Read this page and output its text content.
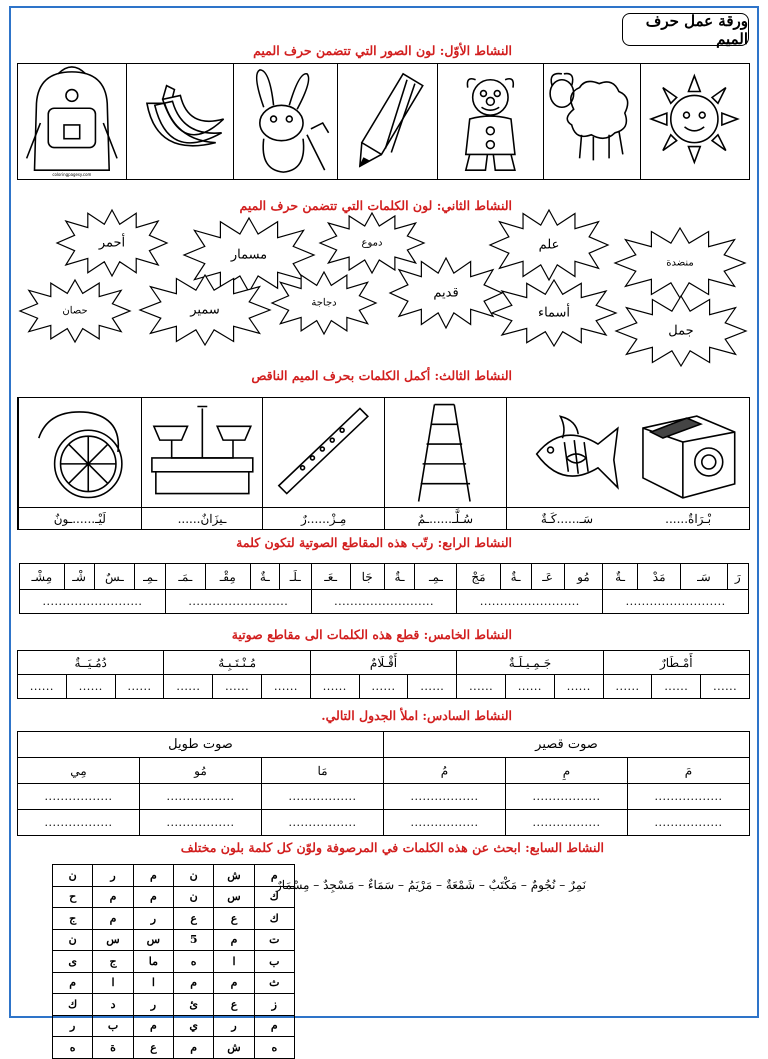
ورقة عمل حرف الميم
النشاط الأوّل: لون الصور التي تتضمن حرف الميم
coloringpagesy.com
النشاط الثاني: لون الكلمات التي تتضمن حرف الميم
أحمر
مسمار
دموع	علم
منضدة
حصان	سمير	دجاجة
قديم
أسماء
جمل
النشاط الثالث: أكمل الكلمات بحرف الميم الناقص
......بْـرَاةٌ
سَـ......كَـةٌ
سُـلَّـ......ـمٌ
مِـزْ......رٌ
......ـيزَانٌ
لَيْـ......ـونٌ
النشاط الرابع: رتّب هذه المقاطع الصوتية لتكون كلمة
رَ	سَـ	مَدْ	ـةٌ	مُو	عَـ	ـةٌ	مَجْ	ـمِـ	ـةٌ	جَا	ـعَـ	ـلَـ	ـةٌ	مِقْـ	ـمَـ	ـمِـ	ـسٌ	شْـ	مِشْـ
.........................				.........................				.........................				.........................				.........................			
النشاط الخامس: قطع هذه الكلمات الى مقاطع صوتية
أَمْـطَارٌ			جَـمِـيـلَـةٌ			أَقْـلَامٌ			مُـنْـتَـبِـهٌ			دُمُـيَــةٌ		
......	......	......	......	......	......	......	......	......	......	......	......	......	......	......
النشاط السادس: املأ الجدول التالي.
صوت قصير			صوت طويل		
مَ	مِ	مُ	مَا	مُو	مِي
.................	.................	.................	.................	.................	.................
.................	.................	.................	.................	.................	.................
النشاط السابع: ابحث عن هذه الكلمات في المرصوفة ولوّن كل كلمة بلون مختلف
م	ش	ن	م	ر	ن
ك	س	ن	م	م	ح
ك	ع	ع	ر	م	ج
ت	م	5	س	س	ن
ب	ا	ه	ما	ج	ى
ث	م	م	ا	ا	م
ز	ع	ئ	ر	د	ك
م	ر	ي	م	ب	ر
ه	ش	م	ع	ة	ه
نَمِرٌ – نُجُومٌ – مَكْتَبٌ – شَمْعَةٌ – مَرْيَمُ – سَمَاءٌ – مَسْجِدٌ – مِسْمَارٌ
